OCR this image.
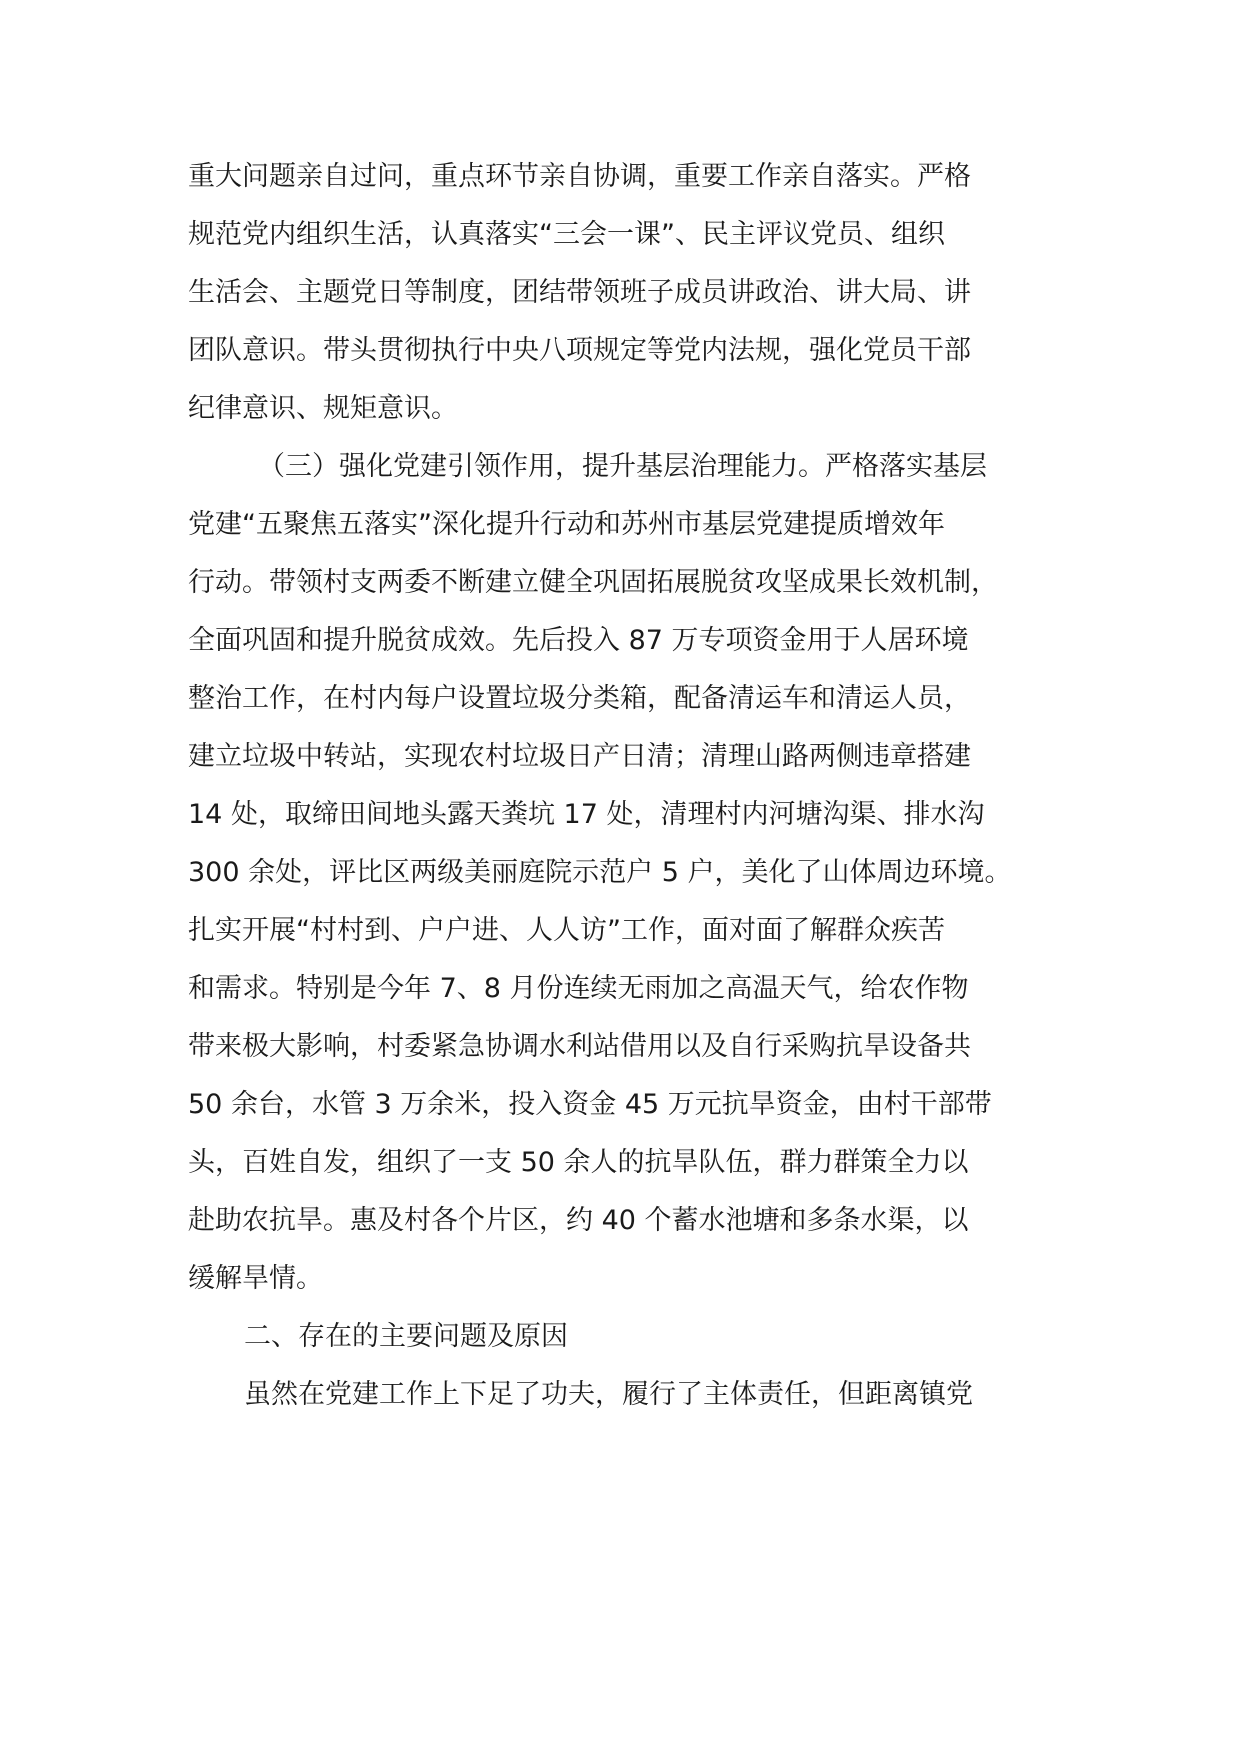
重大问题亲自过问，重点环节亲自协调，重要工作亲自落实。严格
规范党内组织生活，认真落实“三会一课”、民主评议党员、组织
生活会、主题党日等制度，团结带领班子成员讲政治、讲大局、讲
团队意识。带头贯彻执行中央八项规定等党内法规，强化党员干部
纪律意识、规矩意识。
（三）强化党建引领作用，提升基层治理能力。严格落实基层
党建“五聚焦五落实”深化提升行动和苏州市基层党建提质增效年
行动。带领村支两委不断建立健全巩固拓展脱贫攻坚成果长效机制，
全面巩固和提升脱贫成效。先后投入 87 万专项资金用于人居环境
整治工作，在村内每户设置垃圾分类箱，配备清运车和清运人员，
建立垃圾中转站，实现农村垃圾日产日清；清理山路两侧违章搭建
14 处，取缔田间地头露天粪坑 17 处，清理村内河塘沟渠、排水沟
300 余处，评比区两级美丽庭院示范户 5 户，美化了山体周边环境。
扎实开展“村村到、户户进、人人访”工作，面对面了解群众疾苦
和需求。特别是今年 7、8 月份连续无雨加之高温天气，给农作物
带来极大影响，村委紧急协调水利站借用以及自行采购抗旱设备共
50 余台，水管 3 万余米，投入资金 45 万元抗旱资金，由村干部带
头，百姓自发，组织了一支 50 余人的抗旱队伍，群力群策全力以
赴助农抗旱。惠及村各个片区，约 40 个蓄水池塘和多条水渠，以
缓解旱情。
二、存在的主要问题及原因
虽然在党建工作上下足了功夫，履行了主体责任，但距离镇党
